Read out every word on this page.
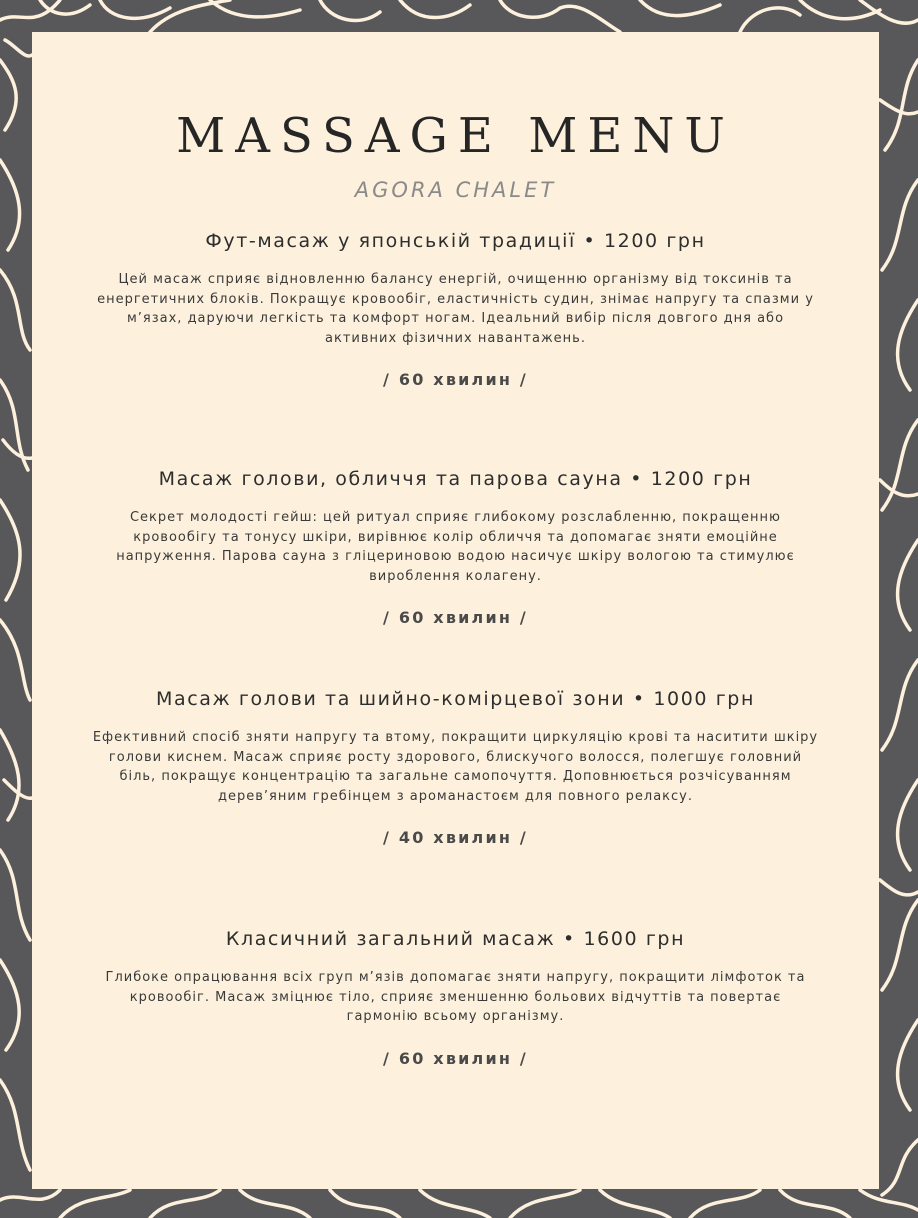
MASSAGE MENU
AGORA CHALET
Фут-масаж у японській традиції • 1200 грн
Цей масаж сприяє відновленню балансу енергій, очищенню організму від токсинів та енергетичних блоків. Покращує кровообіг, еластичність судин, знімає напругу та спазми у м’язах, даруючи легкість та комфорт ногам. Ідеальний вибір після довгого дня або активних фізичних навантажень.
/ 60 хвилин /
Масаж голови, обличчя та парова сауна • 1200 грн
Секрет молодості гейш: цей ритуал сприяє глибокому розслабленню, покращенню кровообігу та тонусу шкіри, вирівнює колір обличчя та допомагає зняти емоційне напруження. Парова сауна з гліцериновою водою насичує шкіру вологою та стимулює вироблення колагену.
/ 60 хвилин /
Масаж голови та шийно-комірцевої зони • 1000 грн
Ефективний спосіб зняти напругу та втому, покращити циркуляцію крові та наситити шкіру голови киснем. Масаж сприяє росту здорового, блискучого волосся, полегшує головний біль, покращує концентрацію та загальне самопочуття. Доповнюється розчісуванням дерев’яним гребінцем з ароманастоєм для повного релаксу.
/ 40 хвилин /
Класичний загальний масаж • 1600 грн
Глибоке опрацювання всіх груп м’язів допомагає зняти напругу, покращити лімфоток та кровообіг. Масаж зміцнює тіло, сприяє зменшенню больових відчуттів та повертає гармонію всьому організму.
/ 60 хвилин /
